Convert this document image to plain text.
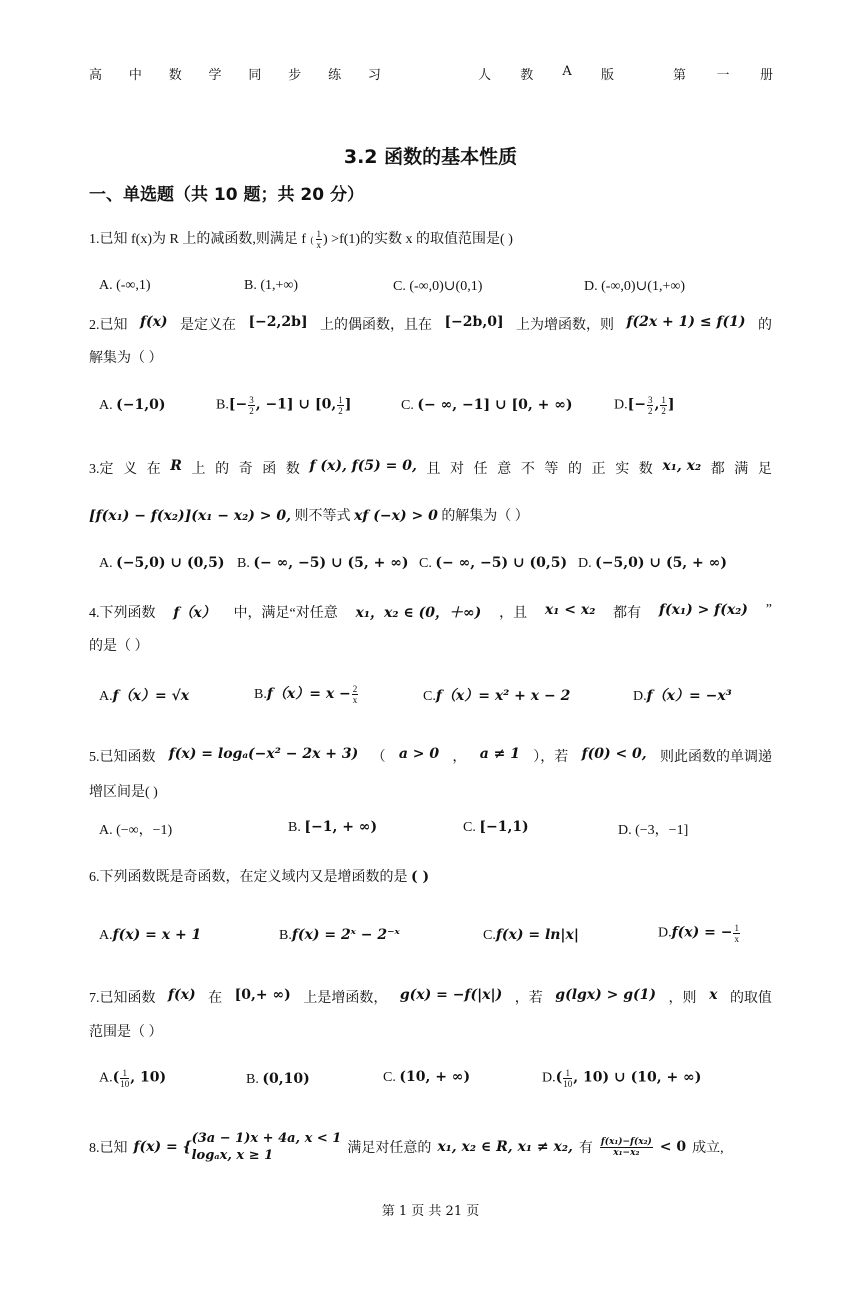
高 中 数 学 同 步 练 习	人 教 A 版	第 一 册
3.2 函数的基本性质
一、单选题（共 10 题；共 20 分）
1.已知 f(x)为 R 上的减函数,则满足 f ( $\frac{1}{x}$ ) >f(1)的实数 x 的取值范围是( )
A. (-∞,1)	B. (1,+∞)	C. (-∞,0)∪(0,1)	D. (-∞,0)∪(1,+∞)
2.已知 f(x) 是定义在 [−2,2b] 上的偶函数，且在 [−2b,0] 上为增函数，则 f(2x + 1) ≤ f(1) 的
解集为（ ）
A. (−1,0)	$B.[- \frac{3}{2}$ , −1] ∪ [0, $\frac{1}{2}$ ]	C. (− ∞, −1] ∪ [0, + ∞)	$D.[- \frac{3}{2}$ , $\frac{1}{2}$ ]
3.定 义 在 R 上 的 奇 函 数 f (x), f(5) = 0, 且 对 任 意 不 等 的 正 实 数 x₁, x₂ 都 满 足
[f(x₁) − f(x₂)](x₁ − x₂) > 0, 则不等式 xf (−x) > 0 的解集为（ ）
A. (−5,0) ∪ (0,5) B. (− ∞, −5) ∪ (5, + ∞) C. (− ∞, −5) ∪ (0,5) D. (−5,0) ∪ (5, + ∞)
4.下列函数 f（x） 中，满足“对任意 x₁，x₂ ∈ (0，＋∞) ，且 x₁ < x₂ 都有 f(x₁) > f(x₂) ”
的是（ ）
A.f（x）= √x	$B.f(x)= x - \frac{2}{x}$	C.f（x）= x² + x − 2	D.f（x）= −x³
5.已知函数 f(x) = logₐ(−x² − 2x + 3) （ a > 0 ， a ≠ 1 ），若 f(0) < 0, 则此函数的单调递
增区间是( )
A. (−∞，−1)	B. [−1, + ∞)	C. [−1,1)	D. (−3，−1]
6.下列函数既是奇函数，在定义域内又是增函数的是 ( )
A.f(x) = x + 1	B.f(x) = 2ˣ − 2⁻ˣ	C.f(x) = ln|x|	D.f(x) = − $\frac{1}{x}$
7.已知函数 f(x) 在 [0,+ ∞) 上是增函数， g(x) = −f(|x|) ，若 g(lgx) > g(1) ，则 x 的取值
范围是（ ）
$A.( \frac{1}{10}$ , 10)	B. (0,10)	C. (10, + ∞)	$D.( \frac{1}{10}$ , 10) ∪ (10, + ∞)
8.已知 f(x) = {
(3a − 1)x + 4a, x < 1
logₐx, x ≥ 1	满足对任意的 x₁, x₂ ∈ R, x₁ ≠ x₂, 有 $\frac{\text{f(x₁)−f(x₂)}}{\text{x₁−x₂}} < 0$ 成立,
第 1 页 共 21 页
